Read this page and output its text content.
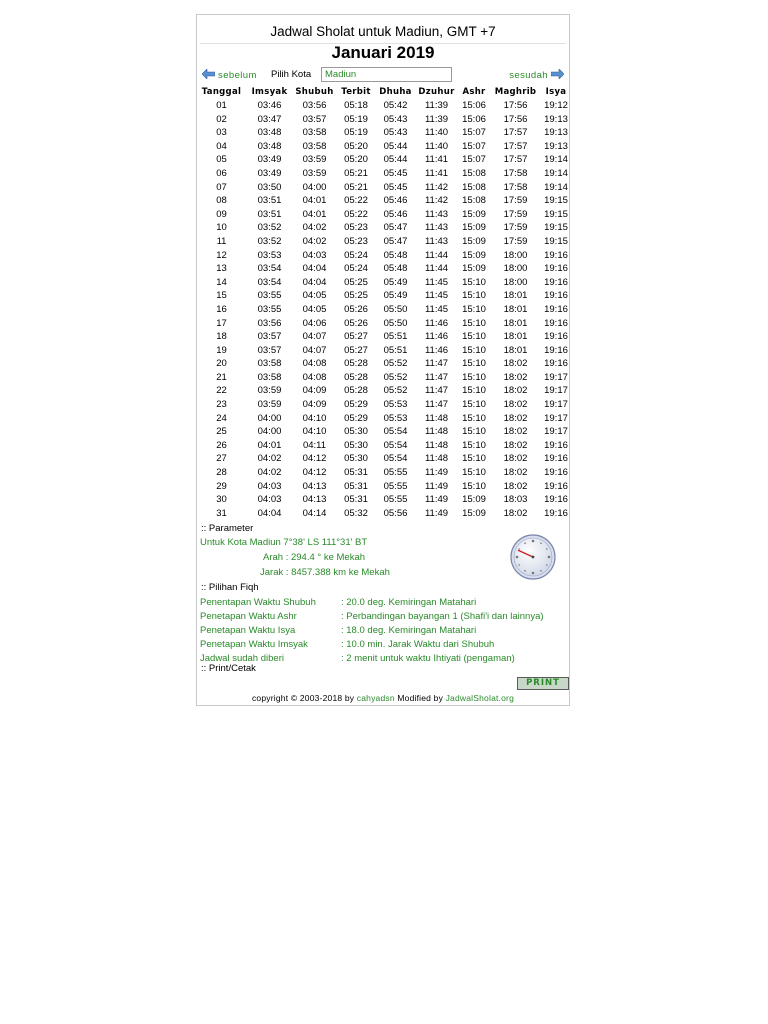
Jadwal Sholat untuk Madiun, GMT +7
Januari 2019
sebelum Pilih Kota
Madiun	sesudah
Tanggal	Imsyak	Shubuh	Terbit	Dhuha	Dzuhur	Ashr	Maghrib	Isya
01	03:46	03:56	05:18	05:42	11:39	15:06	17:56	19:12
02	03:47	03:57	05:19	05:43	11:39	15:06	17:56	19:13
03	03:48	03:58	05:19	05:43	11:40	15:07	17:57	19:13
04	03:48	03:58	05:20	05:44	11:40	15:07	17:57	19:13
05	03:49	03:59	05:20	05:44	11:41	15:07	17:57	19:14
06	03:49	03:59	05:21	05:45	11:41	15:08	17:58	19:14
07	03:50	04:00	05:21	05:45	11:42	15:08	17:58	19:14
08	03:51	04:01	05:22	05:46	11:42	15:08	17:59	19:15
09	03:51	04:01	05:22	05:46	11:43	15:09	17:59	19:15
10	03:52	04:02	05:23	05:47	11:43	15:09	17:59	19:15
11	03:52	04:02	05:23	05:47	11:43	15:09	17:59	19:15
12	03:53	04:03	05:24	05:48	11:44	15:09	18:00	19:16
13	03:54	04:04	05:24	05:48	11:44	15:09	18:00	19:16
14	03:54	04:04	05:25	05:49	11:45	15:10	18:00	19:16
15	03:55	04:05	05:25	05:49	11:45	15:10	18:01	19:16
16	03:55	04:05	05:26	05:50	11:45	15:10	18:01	19:16
17	03:56	04:06	05:26	05:50	11:46	15:10	18:01	19:16
18	03:57	04:07	05:27	05:51	11:46	15:10	18:01	19:16
19	03:57	04:07	05:27	05:51	11:46	15:10	18:01	19:16
20	03:58	04:08	05:28	05:52	11:47	15:10	18:02	19:16
21	03:58	04:08	05:28	05:52	11:47	15:10	18:02	19:17
22	03:59	04:09	05:28	05:52	11:47	15:10	18:02	19:17
23	03:59	04:09	05:29	05:53	11:47	15:10	18:02	19:17
24	04:00	04:10	05:29	05:53	11:48	15:10	18:02	19:17
25	04:00	04:10	05:30	05:54	11:48	15:10	18:02	19:17
26	04:01	04:11	05:30	05:54	11:48	15:10	18:02	19:16
27	04:02	04:12	05:30	05:54	11:48	15:10	18:02	19:16
28	04:02	04:12	05:31	05:55	11:49	15:10	18:02	19:16
29	04:03	04:13	05:31	05:55	11:49	15:10	18:02	19:16
30	04:03	04:13	05:31	05:55	11:49	15:09	18:03	19:16
31	04:04	04:14	05:32	05:56	11:49	15:09	18:02	19:16
:: Parameter
Untuk Kota Madiun 7°38' LS 111°31' BT
Arah : 294.4 ° ke Mekah
Jarak : 8457.388 km ke Mekah
:: Pilihan Fiqh
Penentapan Waktu Shubuh	: 20.0 deg. Kemiringan Matahari
Penetapan Waktu Ashr	: Perbandingan bayangan 1 (Shafi'i dan lainnya)
Penetapan Waktu Isya	: 18.0 deg. Kemiringan Matahari
Penetapan Waktu Imsyak	: 10.0 min. Jarak Waktu dari Shubuh
Jadwal sudah diberi	: 2 menit untuk waktu Ihtiyati (pengaman)
:: Print/Cetak
PRINT
copyright © 2003-2018 by cahyadsn Modified by JadwalSholat.org
